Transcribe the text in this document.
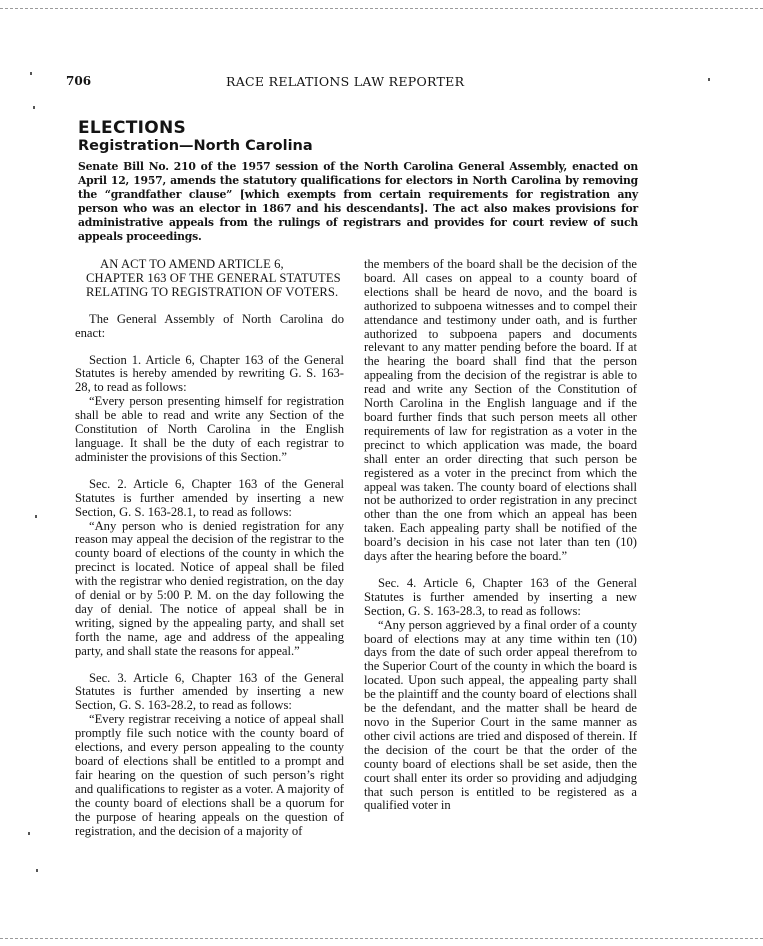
706	RACE RELATIONS LAW REPORTER
ELECTIONS
Registration—North Carolina
Senate Bill No. 210 of the 1957 session of the North Carolina General Assembly, enacted on April 12, 1957, amends the statutory qualifications for electors in North Carolina by removing the “grandfather clause” [which exempts from certain requirements for registration any person who was an elector in 1867 and his descendants]. The act also makes provisions for administrative appeals from the rulings of registrars and provides for court review of such appeals proceedings.

AN ACT TO AMEND ARTICLE 6, CHAPTER 163 OF THE GENERAL STATUTES RELATING TO REGISTRATION OF VOTERS.

The General Assembly of North Carolina do enact:

Section 1. Article 6, Chapter 163 of the General Statutes is hereby amended by rewriting G. S. 163-28, to read as follows:

“Every person presenting himself for registration shall be able to read and write any Section of the Constitution of North Carolina in the English language. It shall be the duty of each registrar to administer the provisions of this Section.”

Sec. 2. Article 6, Chapter 163 of the General Statutes is further amended by inserting a new Section, G. S. 163-28.1, to read as follows:

“Any person who is denied registration for any reason may appeal the decision of the registrar to the county board of elections of the county in which the precinct is located. Notice of appeal shall be filed with the registrar who denied registration, on the day of denial or by 5:00 P. M. on the day following the day of denial. The notice of appeal shall be in writing, signed by the appealing party, and shall set forth the name, age and address of the appealing party, and shall state the reasons for appeal.”

Sec. 3. Article 6, Chapter 163 of the General Statutes is further amended by inserting a new Section, G. S. 163-28.2, to read as follows:

“Every registrar receiving a notice of appeal shall promptly file such notice with the county board of elections, and every person appealing to the county board of elections shall be entitled to a prompt and fair hearing on the question of such person’s right and qualifications to register as a voter. A majority of the county board of elections shall be a quorum for the purpose of hearing appeals on the question of registration, and the decision of a majority of

the members of the board shall be the decision of the board. All cases on appeal to a county board of elections shall be heard de novo, and the board is authorized to subpoena witnesses and to compel their attendance and testimony under oath, and is further authorized to subpoena papers and documents relevant to any matter pending before the board. If at the hearing the board shall find that the person appealing from the decision of the registrar is able to read and write any Section of the Constitution of North Carolina in the English language and if the board further finds that such person meets all other requirements of law for registration as a voter in the precinct to which application was made, the board shall enter an order directing that such person be registered as a voter in the precinct from which the appeal was taken. The county board of elections shall not be authorized to order registration in any precinct other than the one from which an appeal has been taken. Each appealing party shall be notified of the board’s decision in his case not later than ten (10) days after the hearing before the board.”

Sec. 4. Article 6, Chapter 163 of the General Statutes is further amended by inserting a new Section, G. S. 163-28.3, to read as follows:

“Any person aggrieved by a final order of a county board of elections may at any time within ten (10) days from the date of such order appeal therefrom to the Superior Court of the county in which the board is located. Upon such appeal, the appealing party shall be the plaintiff and the county board of elections shall be the defendant, and the matter shall be heard de novo in the Superior Court in the same manner as other civil actions are tried and disposed of therein. If the decision of the court be that the order of the county board of elections shall be set aside, then the court shall enter its order so providing and adjudging that such person is entitled to be registered as a qualified voter in
